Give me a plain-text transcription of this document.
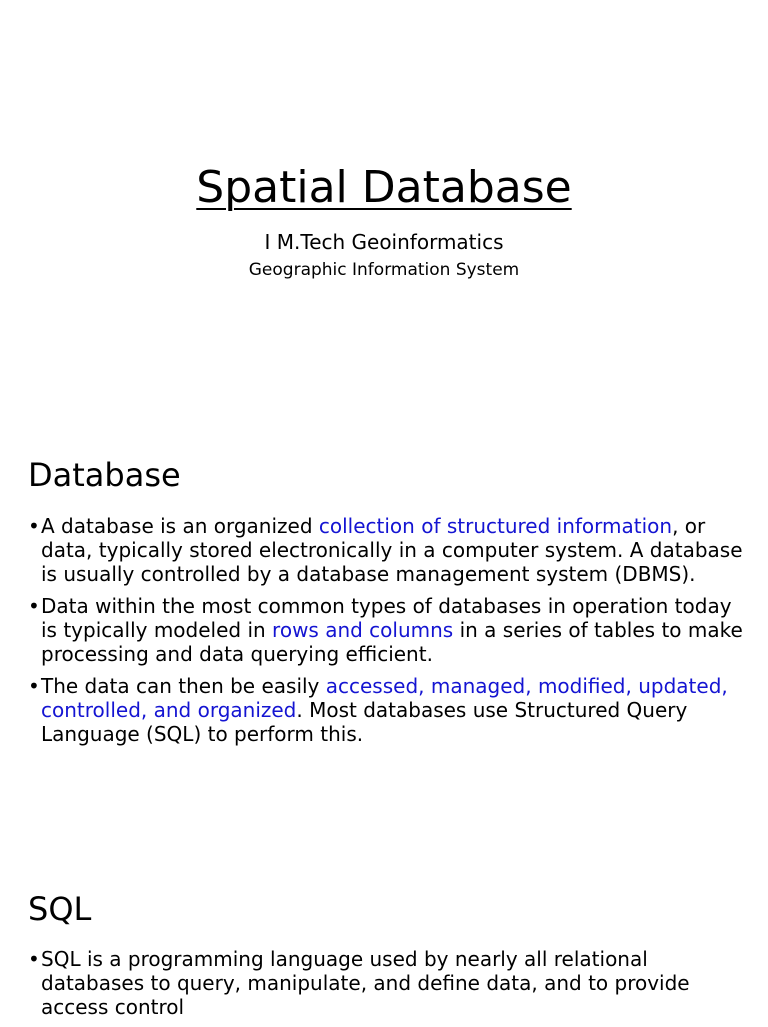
Spatial Database
I M.Tech Geoinformatics
Geographic Information System
Database
• A database is an organized collection of structured information, or data, typically stored electronically in a computer system. A database is usually controlled by a database management system (DBMS).
• Data within the most common types of databases in operation today is typically modeled in rows and columns in a series of tables to make processing and data querying efficient.
• The data can then be easily accessed, managed, modified, updated, controlled, and organized. Most databases use Structured Query Language (SQL) to perform this.
SQL
• SQL is a programming language used by nearly all relational databases to query, manipulate, and define data, and to provide access control
